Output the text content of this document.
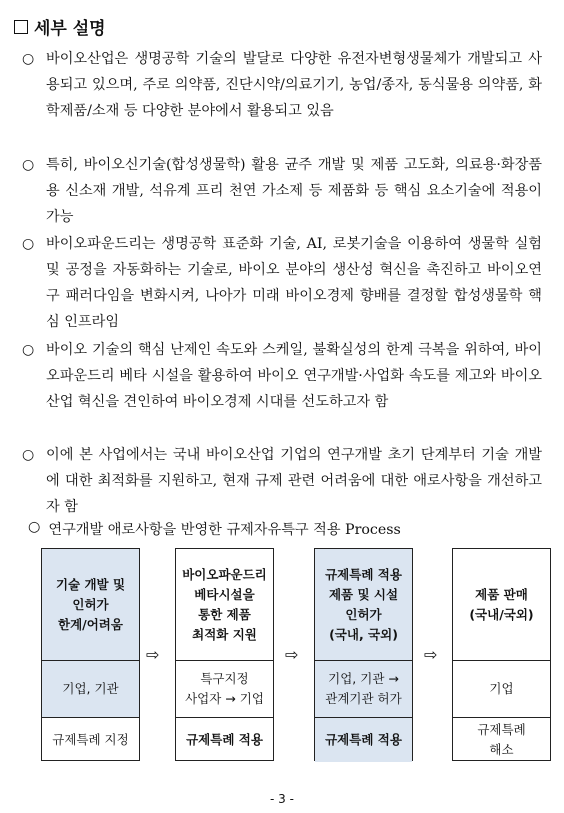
세부 설명
○ 바이오산업은 생명공학 기술의 발달로 다양한 유전자변형생물체가 개발되고 사용되고 있으며, 주로 의약품, 진단시약/의료기기, 농업/종자, 동식물용 의약품, 화학제품/소재 등 다양한 분야에서 활용되고 있음
○ 특히, 바이오신기술(합성생물학) 활용 균주 개발 및 제품 고도화, 의료용·화장품용 신소재 개발, 석유계 프리 천연 가소제 등 제품화 등 핵심 요소기술에 적용이 가능
○ 바이오파운드리는 생명공학 표준화 기술, AI, 로봇기술을 이용하여 생물학 실험 및 공정을 자동화하는 기술로, 바이오 분야의 생산성 혁신을 촉진하고 바이오연구 패러다임을 변화시켜, 나아가 미래 바이오경제 향배를 결정할 합성생물학 핵심 인프라임
○ 바이오 기술의 핵심 난제인 속도와 스케일, 불확실성의 한계 극복을 위하여, 바이오파운드리 베타 시설을 활용하여 바이오 연구개발·사업화 속도를 제고와 바이오산업 혁신을 견인하여 바이오경제 시대를 선도하고자 함
○ 이에 본 사업에서는 국내 바이오산업 기업의 연구개발 초기 단계부터 기술 개발에 대한 최적화를 지원하고, 현재 규제 관련 어려움에 대한 애로사항을 개선하고자 함
○ 연구개발 애로사항을 반영한 규제자유특구 적용 Process
기술 개발 및
인허가
한계/어려움
기업, 기관
규제특례 지정
⇨
바이오파운드리
베타시설을
통한 제품
최적화 지원
특구지정
사업자 → 기업
규제특례 적용
⇨
규제특례 적용
제품 및 시설
인허가
(국내, 국외)
기업, 기관 →
관계기관 허가
규제특례 적용
⇨
제품 판매
(국내/국외)
기업
규제특례
해소
- 3 -
